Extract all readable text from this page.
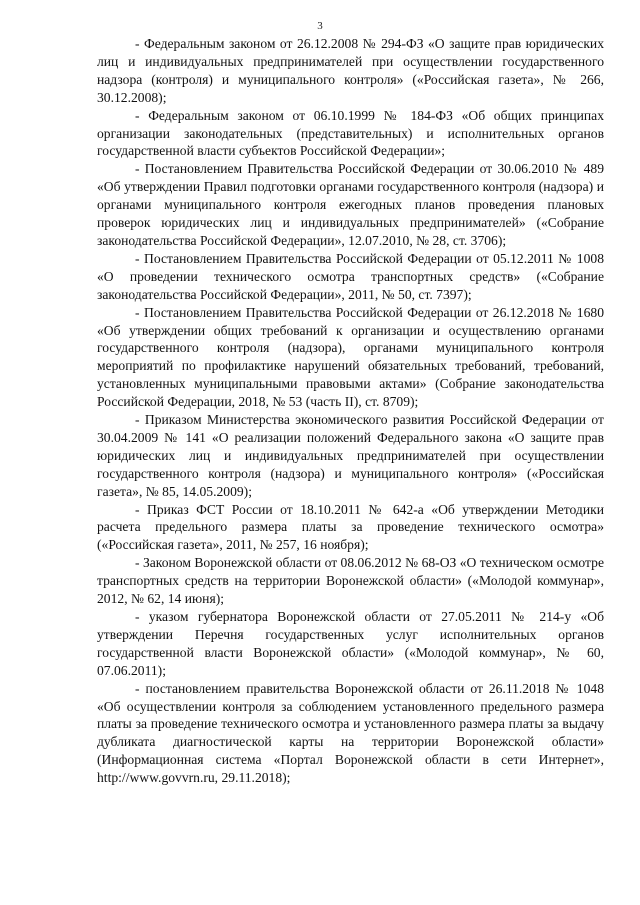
3

- Федеральным законом от 26.12.2008 № 294-ФЗ «О защите прав юридических лиц и индивидуальных предпринимателей при осуществлении государственного надзора (контроля) и муниципального контроля» («Российская газета», № 266, 30.12.2008);

- Федеральным законом от 06.10.1999 № 184-ФЗ «Об общих принципах организации законодательных (представительных) и исполнительных органов государственной власти субъектов Российской Федерации»;

- Постановлением Правительства Российской Федерации от 30.06.2010 № 489 «Об утверждении Правил подготовки органами государственного контроля (надзора) и органами муниципального контроля ежегодных планов проведения плановых проверок юридических лиц и индивидуальных предпринимателей» («Собрание законодательства Российской Федерации», 12.07.2010, № 28, ст. 3706);

- Постановлением Правительства Российской Федерации от 05.12.2011 № 1008 «О проведении технического осмотра транспортных средств» («Собрание законодательства Российской Федерации», 2011, № 50, ст. 7397);

- Постановлением Правительства Российской Федерации от 26.12.2018 № 1680 «Об утверждении общих требований к организации и осуществлению органами государственного контроля (надзора), органами муниципального контроля мероприятий по профилактике нарушений обязательных требований, требований, установленных муниципальными правовыми актами» (Собрание законодательства Российской Федерации, 2018, № 53 (часть II), ст. 8709);

- Приказом Министерства экономического развития Российской Федерации от 30.04.2009 № 141 «О реализации положений Федерального закона «О защите прав юридических лиц и индивидуальных предпринимателей при осуществлении государственного контроля (надзора) и муниципального контроля» («Российская газета», № 85, 14.05.2009);

- Приказ ФСТ России от 18.10.2011 № 642-а «Об утверждении Методики расчета предельного размера платы за проведение технического осмотра» («Российская газета», 2011, № 257, 16 ноября);

- Законом Воронежской области от 08.06.2012 № 68-ОЗ «О техническом осмотре транспортных средств на территории Воронежской области» («Молодой коммунар», 2012, № 62, 14 июня);

- указом губернатора Воронежской области от 27.05.2011 № 214-у «Об утверждении Перечня государственных услуг исполнительных органов государственной власти Воронежской области» («Молодой коммунар», № 60, 07.06.2011);

- постановлением правительства Воронежской области от 26.11.2018 № 1048 «Об осуществлении контроля за соблюдением установленного предельного размера платы за проведение технического осмотра и установленного размера платы за выдачу дубликата диагностической карты на территории Воронежской области» (Информационная система «Портал Воронежской области в сети Интернет», http://www.govvrn.ru, 29.11.2018);
